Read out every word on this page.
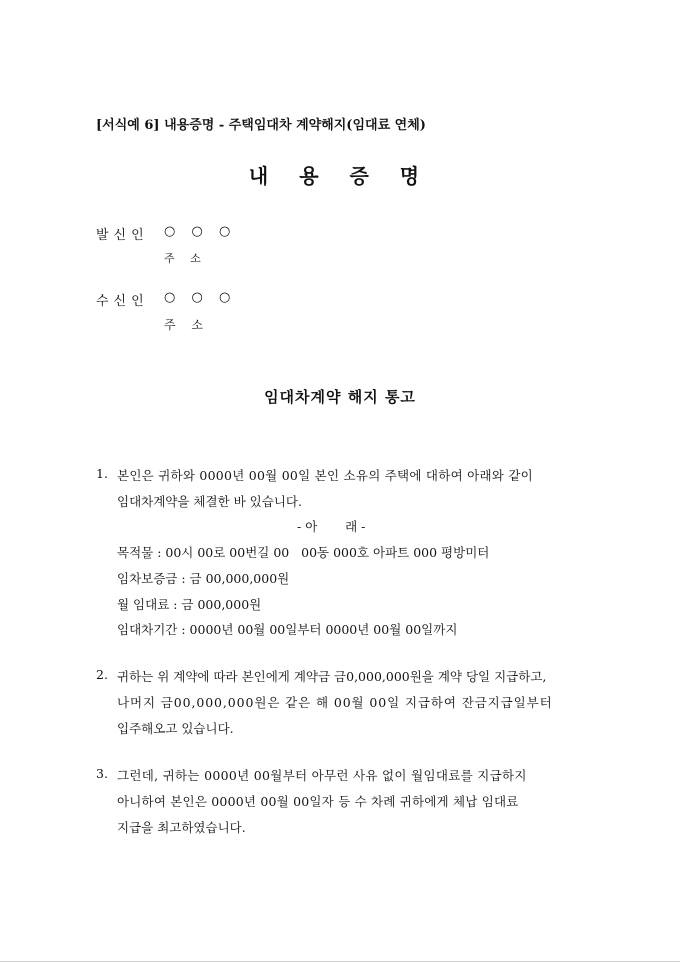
[서식예 6] 내용증명 - 주택임대차 계약해지(임대료 연체)
내 용 증 명
발신인 ○ ○ ○
주 소
수신인 ○ ○ ○
주 소
임대차계약 해지 통고
1. 본인은 귀하와 0000년 00월 00일 본인 소유의 주택에 대하여 아래와 같이
임대차계약을 체결한 바 있습니다.
- 아       래 -
목적물 : 00시 00로 00번길 00   00동 000호 아파트 000 평방미터
임차보증금 : 금 00,000,000원
월 임대료 : 금 000,000원
임대차기간 : 0000년 00월 00일부터 0000년 00월 00일까지
2. 귀하는 위 계약에 따라 본인에게 계약금 금0,000,000원을 계약 당일 지급하고,
나머지 금00,000,000원은 같은 해 00월 00일 지급하여 잔금지급일부터
입주해오고 있습니다.
3. 그런데, 귀하는 0000년 00월부터 아무런 사유 없이 월임대료를 지급하지
아니하여 본인은 0000년 00월 00일자 등 수 차례 귀하에게 체납 임대료
지급을 최고하였습니다.
